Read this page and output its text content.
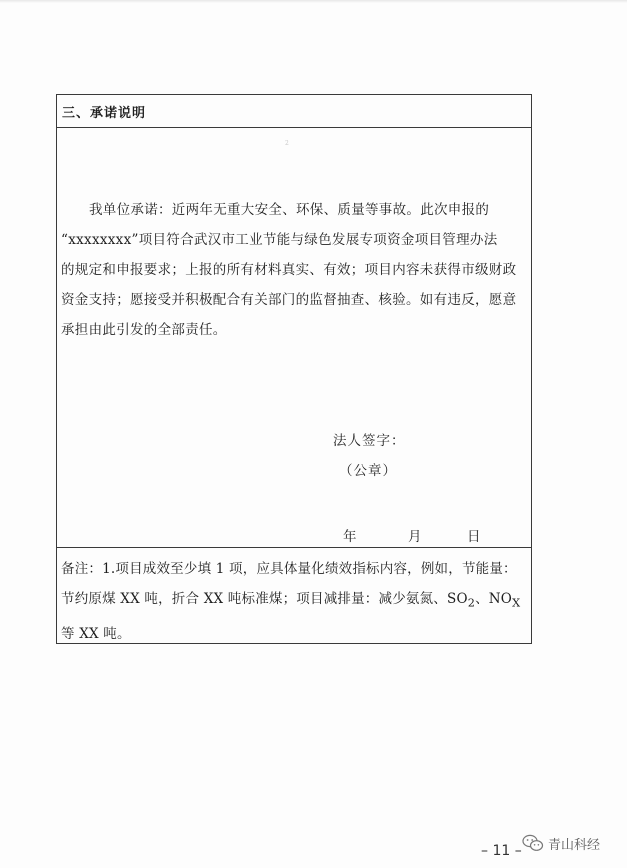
三、承诺说明
2
我单位承诺：近两年无重大安全、环保、质量等事故。此次申报的
“xxxxxxxx”项目符合武汉市工业节能与绿色发展专项资金项目管理办法
的规定和申报要求；上报的所有材料真实、有效；项目内容未获得市级财政
资金支持；愿接受并积极配合有关部门的监督抽查、核验。如有违反，愿意
承担由此引发的全部责任。
法人签字：
（公章）
年	月	日
备注：1.项目成效至少填 1 项，应具体量化绩效指标内容，例如，节能量：
节约原煤 XX 吨，折合 XX 吨标准煤；项目减排量：减少氨氮、$SO_2$、$NO_X$
等 XX 吨。
– 11 – 青山科经
